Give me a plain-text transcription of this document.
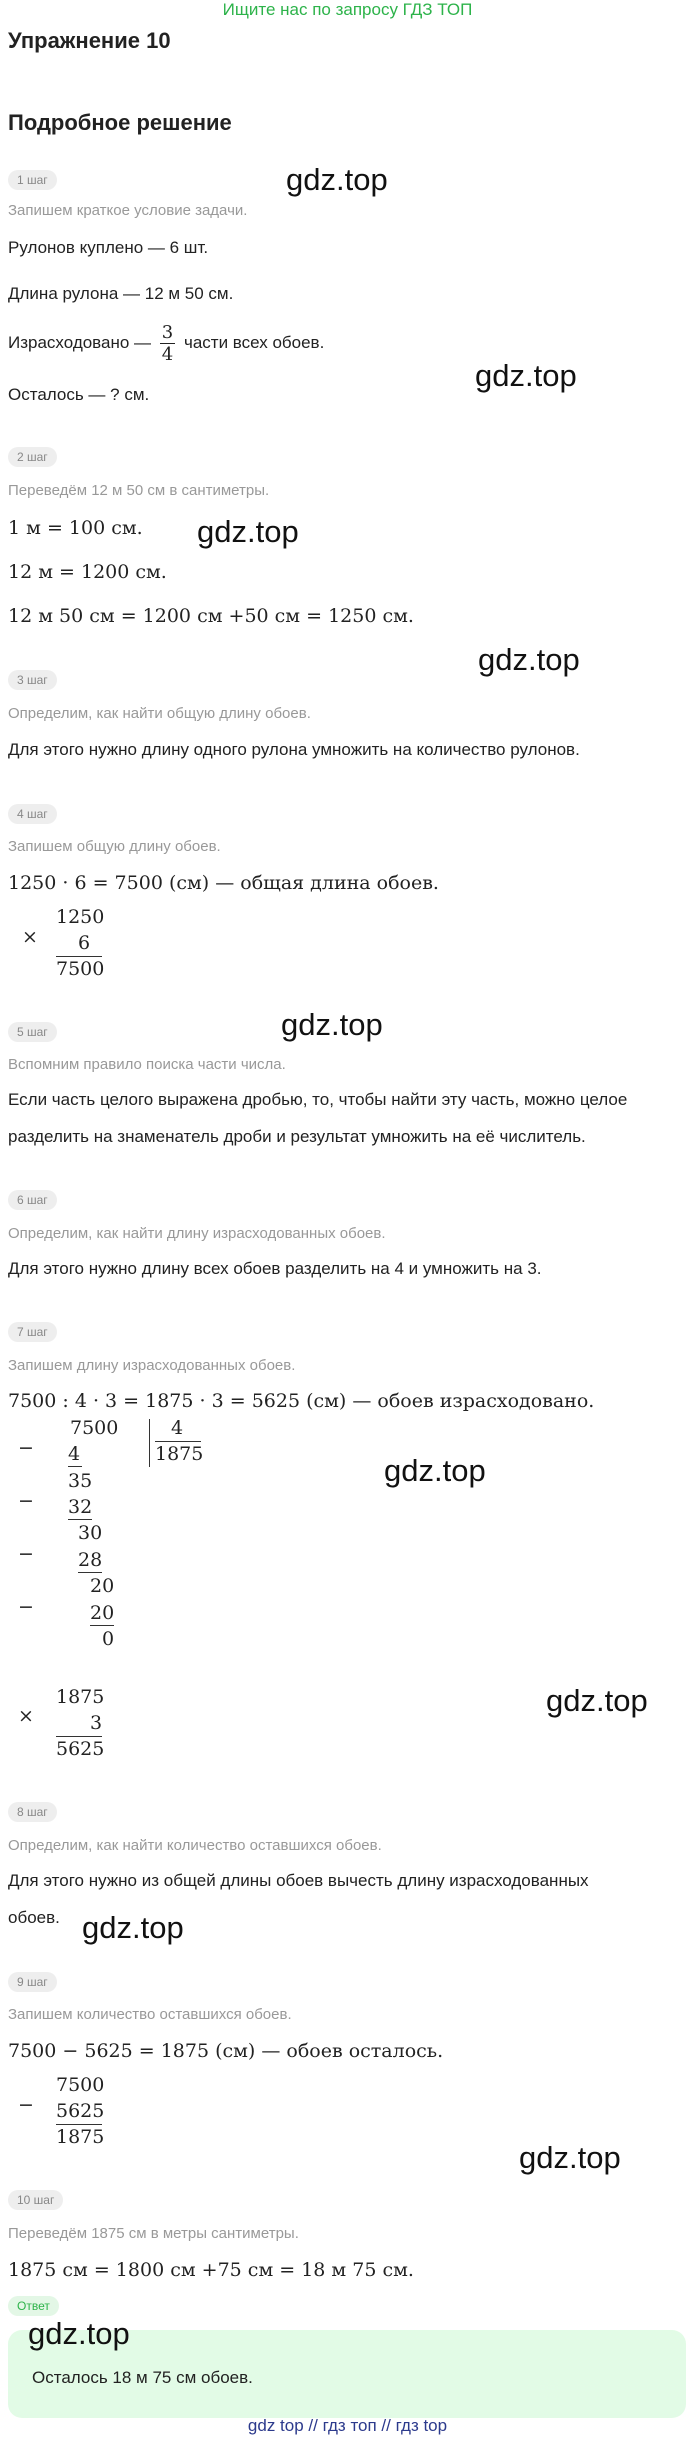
Ищите нас по запросу ГДЗ ТОП
Упражнение 10
Подробное решение
1 шаг
Запишем краткое условие задачи.
Рулонов куплено — 6 шт.
Длина рулона — 12 м 50 см.
Израсходовано — $\frac{3}{4}$ части всех обоев.
Осталось — ? см.
2 шаг
Переведём 12 м 50 см в сантиметры.
1 м = 100 см.
12 м = 1200 см.
12 м 50 см = 1200 см +50 см = 1250 см.
3 шаг
Определим, как найти общую длину обоев.
Для этого нужно длину одного рулона умножить на количество рулонов.
4 шаг
Запишем общую длину обоев.
1250 · 6 = 7500 (см) — общая длина обоев.
×
1250
6
7500
5 шаг
Вспомним правило поиска части числа.
Если часть целого выражена дробью, то, чтобы найти эту часть, можно целое
разделить на знаменатель дроби и результат умножить на её числитель.
6 шаг
Определим, как найти длину израсходованных обоев.
Для этого нужно длину всех обоев разделить на 4 и умножить на 3.
7 шаг
Запишем длину израсходованных обоев.
7500 : 4 · 3 = 1875 · 3 = 5625 (см) — обоев израсходовано.
−
−
−
−
7500
4
35
32
30
28
20
20
0
4
1875
×
1875
3
5625
8 шаг
Определим, как найти количество оставшихся обоев.
Для этого нужно из общей длины обоев вычесть длину израсходованных
обоев.
9 шаг
Запишем количество оставшихся обоев.
7500 − 5625 = 1875 (см) — обоев осталось.
−
7500
5625
1875
10 шаг
Переведём 1875 см в метры сантиметры.
1875 см = 1800 см +75 см = 18 м 75 см.
Ответ
Осталось 18 м 75 см обоев.
gdz.top
gdz.top
gdz.top
gdz.top
gdz.top
gdz.top
gdz.top
gdz.top
gdz.top
gdz.top
gdz top // гдз топ // гдз top
